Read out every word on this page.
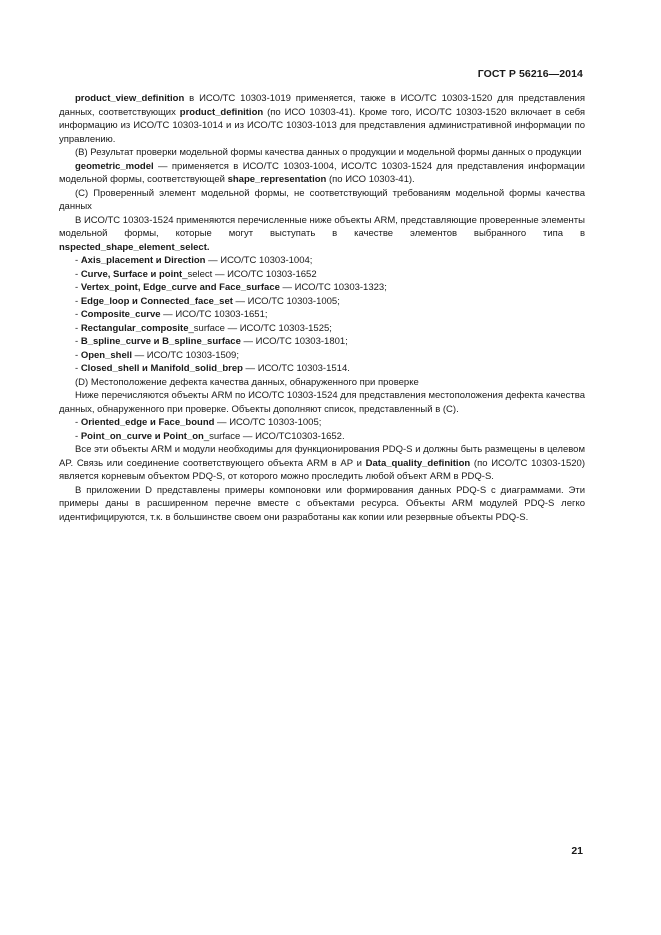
ГОСТ Р 56216—2014

product_view_definition в ИСО/ТС 10303-1019 применяется, также в ИСО/ТС 10303-1520 для представления данных, соответствующих product_definition (по ИСО 10303-41). Кроме того, ИСО/ТС 10303-1520 включает в себя информацию из ИСО/ТС 10303-1014 и из ИСО/ТС 10303-1013 для представления административной информации по управлению.

(B) Результат проверки модельной формы качества данных о продукции и модельной формы данных о продукции

geometric_model — применяется в ИСО/ТС 10303-1004, ИСО/ТС 10303-1524 для представления информации модельной формы, соответствующей shape_representation (по ИСО 10303-41).

(C) Проверенный элемент модельной формы, не соответствующий требованиям модельной формы качества данных

В ИСО/ТС 10303-1524 применяются перечисленные ниже объекты ARM, представляющие проверенные элементы модельной формы, которые могут выступать в качестве элементов выбранного типа в nspected_shape_element_select.

- Axis_placement и Direction — ИСО/ТС 10303-1004;

- Curve, Surface и point_select — ИСО/ТС 10303-1652

- Vertex_point, Edge_curve and Face_surface — ИСО/ТС 10303-1323;

- Edge_loop и Connected_face_set — ИСО/ТС 10303-1005;

- Composite_curve — ИСО/ТС 10303-1651;

- Rectangular_composite_surface — ИСО/ТС 10303-1525;

- B_spline_curve и B_spline_surface — ИСО/ТС 10303-1801;

- Open_shell — ИСО/ТС 10303-1509;

- Closed_shell и Manifold_solid_brep — ИСО/ТС 10303-1514.

(D) Местоположение дефекта качества данных, обнаруженного при проверке

Ниже перечисляются объекты ARM по ИСО/ТС 10303-1524 для представления местоположения дефекта качества данных, обнаруженного при проверке. Объекты дополняют список, представленный в (C).

- Oriented_edge и Face_bound — ИСО/ТС 10303-1005;

- Point_on_curve и Point_on_surface — ИСО/ТС10303-1652.

Все эти объекты ARM и модули необходимы для функционирования PDQ-S и должны быть размещены в целевом AP. Связь или соединение соответствующего объекта ARM в AP и Data_quality_definition (по ИСО/ТС 10303-1520) является корневым объектом PDQ-S, от которого можно проследить любой объект ARM в PDQ-S.

В приложении D представлены примеры компоновки или формирования данных PDQ-S с диаграммами. Эти примеры даны в расширенном перечне вместе с объектами ресурса. Объекты ARM модулей PDQ-S легко идентифицируются, т.к. в большинстве своем они разработаны как копии или резервные объекты PDQ-S.

21
